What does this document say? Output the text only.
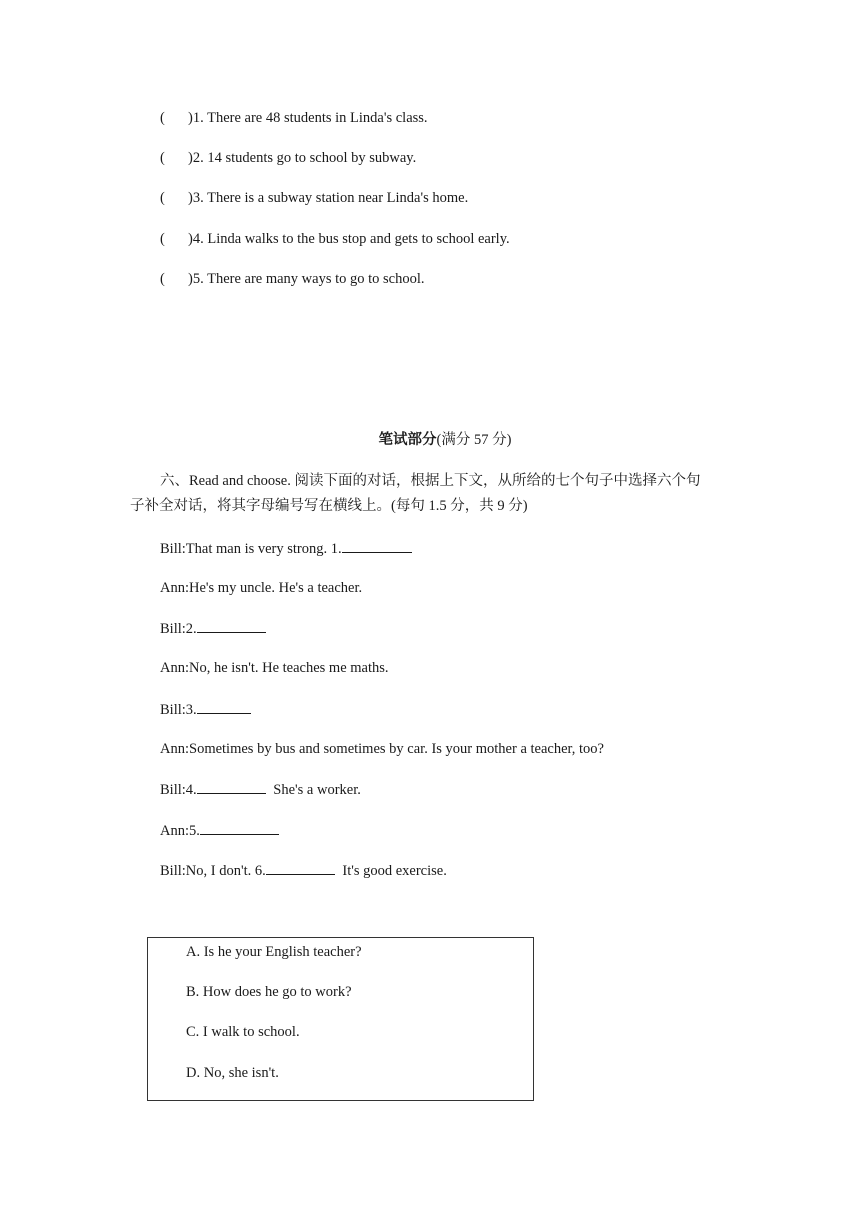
( )1. There are 48 students in Linda's class.
( )2. 14 students go to school by subway.
( )3. There is a subway station near Linda's home.
( )4. Linda walks to the bus stop and gets to school early.
( )5. There are many ways to go to school.
笔试部分(满分 57 分)
六、Read and choose. 阅读下面的对话，根据上下文，从所给的七个句子中选择六个句
子补全对话，将其字母编号写在横线上。(每句 1.5 分，共 9 分)
Bill:That man is very strong. 1.
Ann:He's my uncle. He's a teacher.
Bill:2.
Ann:No, he isn't. He teaches me maths.
Bill:3.
Ann:Sometimes by bus and sometimes by car. Is your mother a teacher, too?
Bill:4.	She's a worker.
Ann:5.
Bill:No, I don't. 6.	It's good exercise.
A. Is he your English teacher?
B. How does he go to work?
C. I walk to school.
D. No, she isn't.
